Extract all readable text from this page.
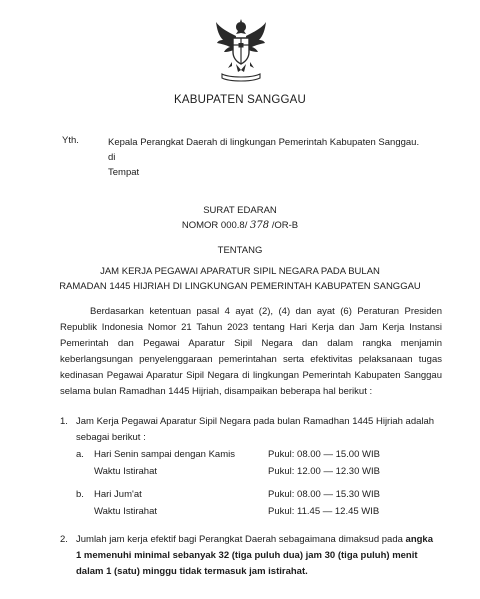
KABUPATEN SANGGAU
Yth.	Kepala Perangkat Daerah di lingkungan Pemerintah Kabupaten Sanggau.
di
Tempat
SURAT EDARAN
NOMOR 000.8/ 378 /OR-B
TENTANG
JAM KERJA PEGAWAI APARATUR SIPIL NEGARA PADA BULAN
RAMADAN 1445 HIJRIAH DI LINGKUNGAN PEMERINTAH KABUPATEN SANGGAU
Berdasarkan ketentuan pasal 4 ayat (2), (4) dan ayat (6) Peraturan Presiden Republik Indonesia Nomor 21 Tahun 2023 tentang Hari Kerja dan Jam Kerja Instansi Pemerintah dan Pegawai Aparatur Sipil Negara dan dalam rangka menjamin keberlangsungan penyelenggaraan pemerintahan serta efektivitas pelaksanaan tugas kedinasan Pegawai Aparatur Sipil Negara di lingkungan Pemerintah Kabupaten Sanggau selama bulan Ramadhan 1445 Hijriah, disampaikan beberapa hal berikut :
1. Jam Kerja Pegawai Aparatur Sipil Negara pada bulan Ramadhan 1445 Hijriah adalah
sebagai berikut :
a. Hari Senin sampai dengan Kamis	Pukul: 08.00 — 15.00 WIB
Waktu Istirahat	Pukul: 12.00 — 12.30 WIB
b. Hari Jum'at	Pukul: 08.00 — 15.30 WIB
Waktu Istirahat	Pukul: 11.45 — 12.45 WIB
2. Jumlah jam kerja efektif bagi Perangkat Daerah sebagaimana dimaksud pada angka
1 memenuhi minimal sebanyak 32 (tiga puluh dua) jam 30 (tiga puluh) menit
dalam 1 (satu) minggu tidak termasuk jam istirahat.
